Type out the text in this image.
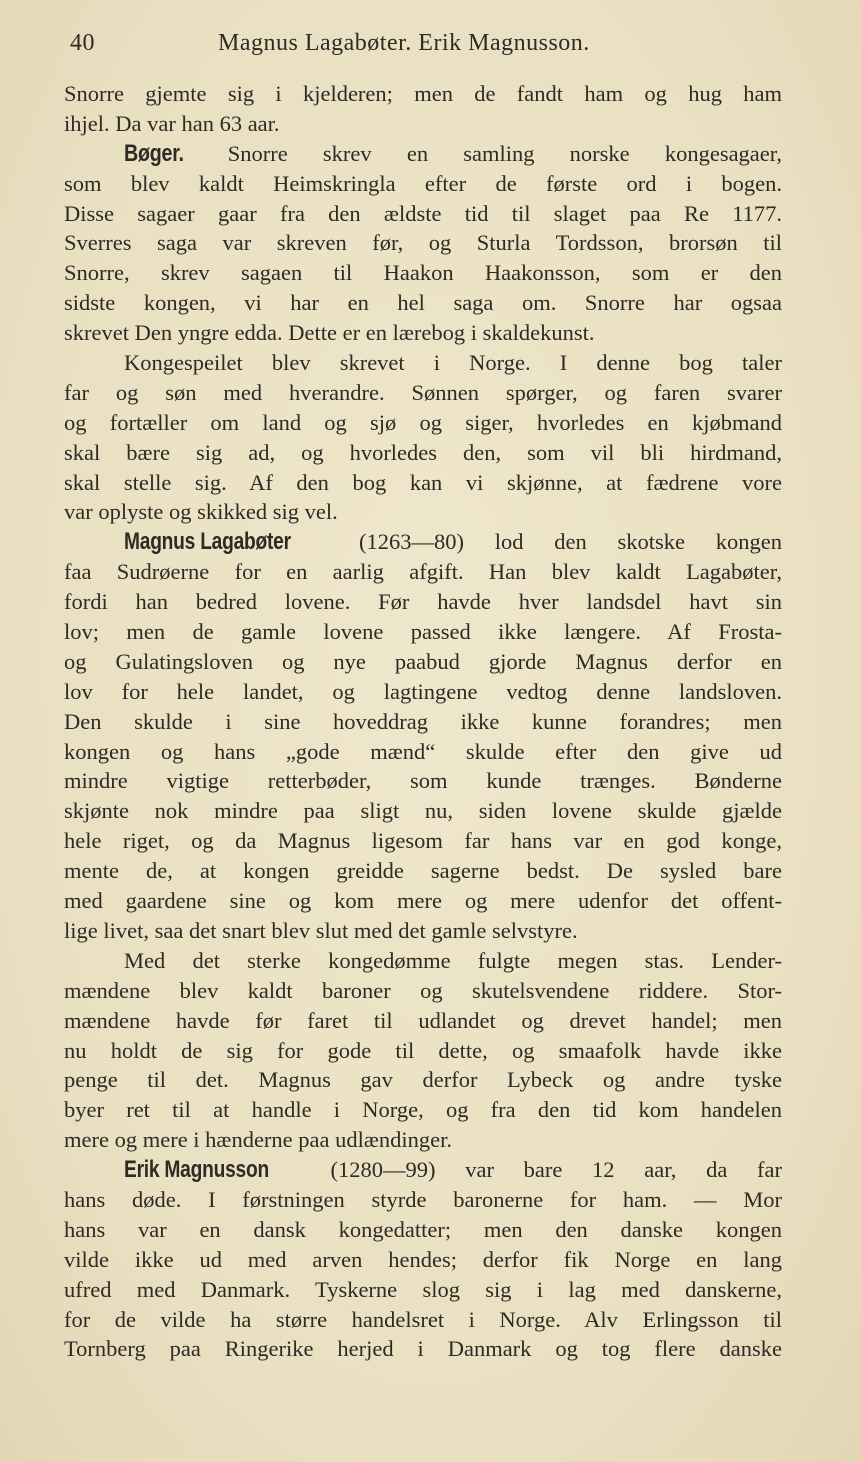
40	Magnus Lagabøter. Erik Magnusson.
Snorre gjemte sig i kjelderen; men de fandt ham og hug ham
ihjel. Da var han 63 aar.
Bøger. Snorre skrev en samling norske kongesagaer,
som blev kaldt Heimskringla efter de første ord i bogen.
Disse sagaer gaar fra den ældste tid til slaget paa Re 1177.
Sverres saga var skreven før, og Sturla Tordsson, brorsøn til
Snorre, skrev sagaen til Haakon Haakonsson, som er den
sidste kongen, vi har en hel saga om. Snorre har ogsaa
skrevet Den yngre edda. Dette er en lærebog i skaldekunst.
Kongespeilet blev skrevet i Norge. I denne bog taler
far og søn med hverandre. Sønnen spørger, og faren svarer
og fortæller om land og sjø og siger, hvorledes en kjøbmand
skal bære sig ad, og hvorledes den, som vil bli hirdmand,
skal stelle sig. Af den bog kan vi skjønne, at fædrene vore
var oplyste og skikked sig vel.
Magnus Lagabøter (1263—80) lod den skotske kongen
faa Sudrøerne for en aarlig afgift. Han blev kaldt Lagabøter,
fordi han bedred lovene. Før havde hver landsdel havt sin
lov; men de gamle lovene passed ikke længere. Af Frosta-
og Gulatingsloven og nye paabud gjorde Magnus derfor en
lov for hele landet, og lagtingene vedtog denne landsloven.
Den skulde i sine hoveddrag ikke kunne forandres; men
kongen og hans „gode mænd“ skulde efter den give ud
mindre vigtige retterbøder, som kunde trænges. Bønderne
skjønte nok mindre paa sligt nu, siden lovene skulde gjælde
hele riget, og da Magnus ligesom far hans var en god konge,
mente de, at kongen greidde sagerne bedst. De sysled bare
med gaardene sine og kom mere og mere udenfor det offent-
lige livet, saa det snart blev slut med det gamle selvstyre.
Med det sterke kongedømme fulgte megen stas. Lender-
mændene blev kaldt baroner og skutelsvendene riddere. Stor-
mændene havde før faret til udlandet og drevet handel; men
nu holdt de sig for gode til dette, og smaafolk havde ikke
penge til det. Magnus gav derfor Lybeck og andre tyske
byer ret til at handle i Norge, og fra den tid kom handelen
mere og mere i hænderne paa udlændinger.
Erik Magnusson (1280—99) var bare 12 aar, da far
hans døde. I førstningen styrde baronerne for ham. — Mor
hans var en dansk kongedatter; men den danske kongen
vilde ikke ud med arven hendes; derfor fik Norge en lang
ufred med Danmark. Tyskerne slog sig i lag med danskerne,
for de vilde ha større handelsret i Norge. Alv Erlingsson til
Tornberg paa Ringerike herjed i Danmark og tog flere danske
